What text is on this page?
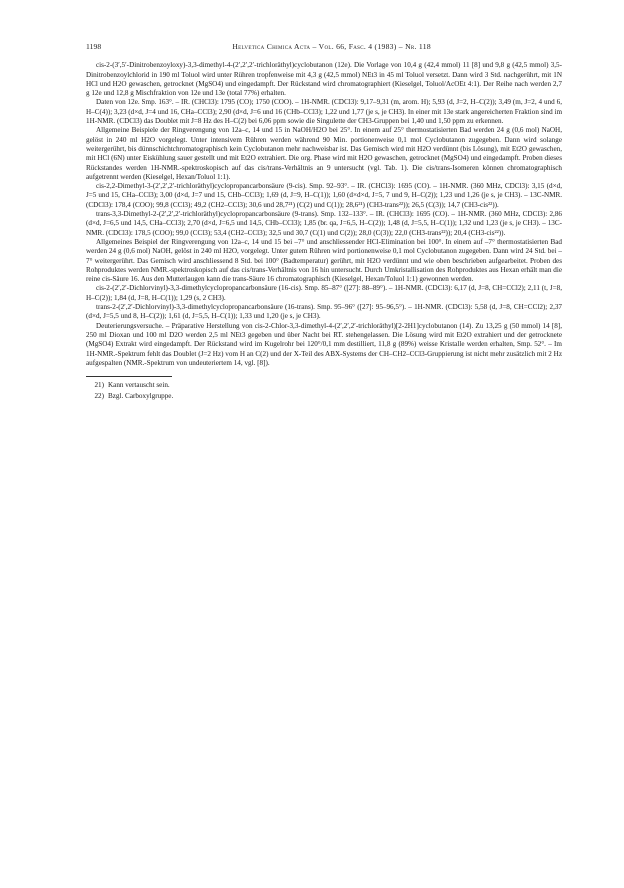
1198	Helvetica Chimica Acta – Vol. 66, Fasc. 4 (1983) – Nr. 118

cis-2-(3′,5′-Dinitrobenzoyloxy)-3,3-dimethyl-4-(2′,2′,2′-trichloräthyl)cyclobutanon (12e). Die Vorlage von 10,4 g (42,4 mmol) 11 [8] und 9,8 g (42,5 mmol) 3,5-Dinitrobenzoylchlorid in 190 ml Toluol wird unter Rühren tropfenweise mit 4,3 g (42,5 mmol) NEt3 in 45 ml Toluol versetzt. Dann wird 3 Std. nachgerührt, mit 1N HCl und H2O gewaschen, getrocknet (MgSO4) und eingedampft. Der Rückstand wird chromatographiert (Kieselgel, Toluol/AcOEt 4:1). Der Reihe nach werden 2,7 g 12e und 12,8 g Mischfraktion von 12e und 13e (total 77%) erhalten.

Daten von 12e. Smp. 163°. – IR. (CHCl3): 1795 (CO); 1750 (COO). – 1H-NMR. (CDCl3): 9,17–9,31 (m, arom. H); 5,93 (d, J=2, H–C(2)); 3,49 (m, J=2, 4 und 6, H–C(4)); 3,23 (d×d, J=4 und 16, CHa–CCl3); 2,90 (d×d, J=6 und 16 (CHb–CCl3); 1,22 und 1,77 (je s, je CH3). In einer mit 13e stark angereicherten Fraktion sind im 1H-NMR. (CDCl3) das Doublet mit J=8 Hz des H–C(2) bei 6,06 ppm sowie die Singulette der CH3-Gruppen bei 1,40 und 1,50 ppm zu erkennen.

Allgemeine Beispiele der Ringverengung von 12a–c, 14 und 15 in NaOH/H2O bei 25°. In einem auf 25° thermostatisierten Bad werden 24 g (0,6 mol) NaOH, gelöst in 240 ml H2O vorgelegt. Unter intensivem Rühren werden während 90 Min. portionenweise 0,1 mol Cyclobutanon zugegeben. Dann wird solange weitergerührt, bis dünnschichtchromatographisch kein Cyclobutanon mehr nachweisbar ist. Das Gemisch wird mit H2O verdünnt (bis Lösung), mit Et2O gewaschen, mit HCl (6N) unter Eiskühlung sauer gestellt und mit Et2O extrahiert. Die org. Phase wird mit H2O gewaschen, getrocknet (MgSO4) und eingedampft. Proben dieses Rückstandes werden 1H-NMR.-spektroskopisch auf das cis/trans-Verhältnis an 9 untersucht (vgl. Tab. 1). Die cis/trans-Isomeren können chromatographisch aufgetrennt werden (Kieselgel, Hexan/Toluol 1:1).

cis-2,2-Dimethyl-3-(2′,2′,2′-trichloräthyl)cyclopropancarbonsäure (9-cis). Smp. 92–93°. – IR. (CHCl3): 1695 (CO). – 1H-NMR. (360 MHz, CDCl3): 3,15 (d×d, J=5 und 15, CHa–CCl3); 3,00 (d×d, J=7 und 15, CHb–CCl3); 1,69 (d, J=9, H–C(1)); 1,60 (d×d×d, J=5, 7 und 9, H–C(2)); 1,23 und 1,26 (je s, je CH3). – 13C-NMR. (CDCl3): 178,4 (COO); 99,8 (CCl3); 49,2 (CH2–CCl3); 30,6 und 28,7²¹) (C(2) und C(1)); 28,6²¹) (CH3-trans²²)); 26,5 (C(3)); 14,7 (CH3-cis²²)).

trans-3,3-Dimethyl-2-(2′,2′,2′-trichloräthyl)cyclopropancarbonsäure (9-trans). Smp. 132–133°. – IR. (CHCl3): 1695 (CO). – 1H-NMR. (360 MHz, CDCl3): 2,86 (d×d, J=6,5 und 14,5, CHa–CCl3); 2,70 (d×d, J=6,5 und 14,5, CHb–CCl3); 1,85 (br. qa, J=6,5, H–C(2)); 1,48 (d, J=5,5, H–C(1)); 1,32 und 1,23 (je s, je CH3). – 13C-NMR. (CDCl3): 178,5 (COO); 99,0 (CCl3); 53,4 (CH2–CCl3); 32,5 und 30,7 (C(1) und C(2)); 28,0 (C(3)); 22,0 (CH3-trans²²)); 20,4 (CH3-cis²²)).

Allgemeines Beispiel der Ringverengung von 12a–c, 14 und 15 bei –7° und anschliessender HCl-Elimination bei 100°. In einem auf –7° thermostatisierten Bad werden 24 g (0,6 mol) NaOH, gelöst in 240 ml H2O, vorgelegt. Unter gutem Rühren wird portionenweise 0,1 mol Cyclobutanon zugegeben. Dann wird 24 Std. bei –7° weitergerührt. Das Gemisch wird anschliessend 8 Std. bei 100° (Badtemperatur) gerührt, mit H2O verdünnt und wie oben beschrieben aufgearbeitet. Proben des Rohproduktes werden NMR.-spektroskopisch auf das cis/trans-Verhältnis von 16 hin untersucht. Durch Umkristallisation des Rohproduktes aus Hexan erhält man die reine cis-Säure 16. Aus den Mutterlaugen kann die trans-Säure 16 chromatographisch (Kieselgel, Hexan/Toluol 1:1) gewonnen werden.

cis-2-(2′,2′-Dichlorvinyl)-3,3-dimethylcyclopropancarbonsäure (16-cis). Smp. 85–87° ([27]: 88–89°). – 1H-NMR. (CDCl3): 6,17 (d, J=8, CH=CCl2); 2,11 (t, J=8, H–C(2)); 1,84 (d, J=8, H–C(1)); 1,29 (s, 2 CH3).

trans-2-(2′,2′-Dichlorvinyl)-3,3-dimethylcyclopropancarbonsäure (16-trans). Smp. 95–96° ([27]: 95–96,5°). – 1H-NMR. (CDCl3): 5,58 (d, J=8, CH=CCl2); 2,37 (d×d, J=5,5 und 8, H–C(2)); 1,61 (d, J=5,5, H–C(1)); 1,33 und 1,20 (je s, je CH3).

Deuterierungsversuche. – Präparative Herstellung von cis-2-Chlor-3,3-dimethyl-4-(2′,2′,2′-trichloräthyl)[2-2H1]cyclobutanon (14). Zu 13,25 g (50 mmol) 14 [8], 250 ml Dioxan und 100 ml D2O werden 2,5 ml NEt3 gegeben und über Nacht bei RT. stehengelassen. Die Lösung wird mit Et2O extrahiert und der getrocknete (MgSO4) Extrakt wird eingedampft. Der Rückstand wird im Kugelrohr bei 120°/0,1 mm destilliert, 11,8 g (89%) weisse Kristalle werden erhalten, Smp. 52°. – Im 1H-NMR.-Spektrum fehlt das Doublet (J=2 Hz) vom H an C(2) und der X-Teil des ABX-Systems der CH–CH2–CCl3-Gruppierung ist nicht mehr zusätzlich mit 2 Hz aufgespalten (NMR.-Spektrum von undeuteriertem 14, vgl. [8]).

21) Kann vertauscht sein.

22) Bzgl. Carboxylgruppe.
